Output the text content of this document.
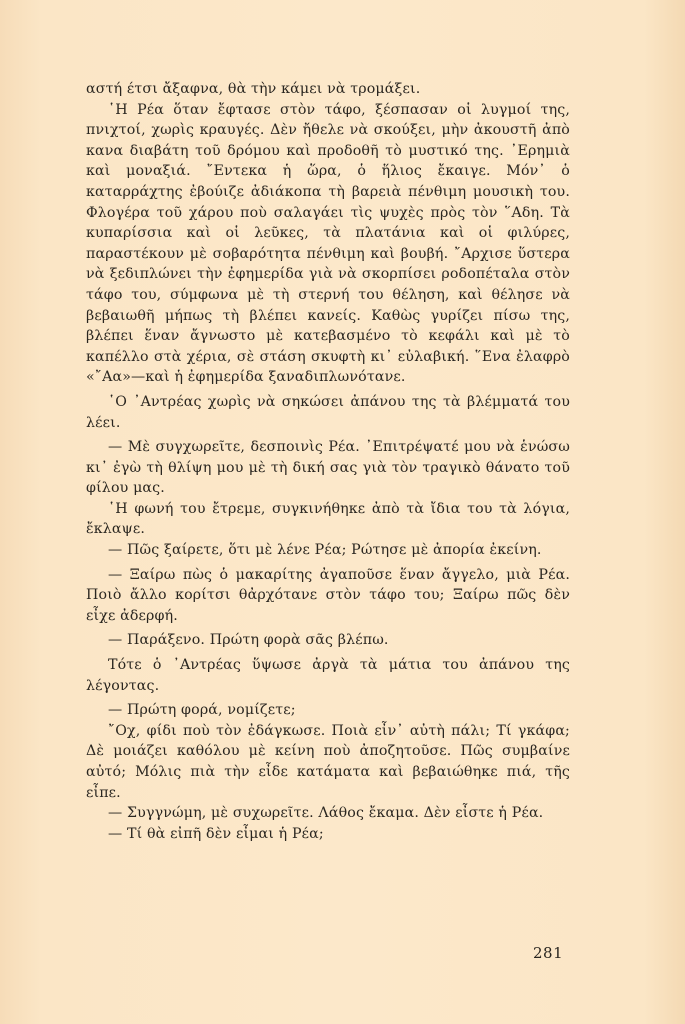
αστή έτσι ἄξαφνα, θὰ τὴν κάμει νὰ τρομάξει.

῾Η Ρέα ὅταν ἔφτασε στὸν τάφο, ξέσπασαν οἱ λυγμοί της, πνιχτοί, χωρὶς κραυγές. Δὲν ἤθελε νὰ σκούξει, μὴν ἀκουστῆ ἀπὸ κανα διαβάτη τοῦ δρόμου καὶ προδοθῆ τὸ μυστικό της. ᾿Ερημιὰ καὶ μοναξιά. ῎Εντεκα ἡ ὥρα, ὁ ἥλιος ἔκαιγε. Μόν᾿ ὁ καταρράχτης ἐβούιζε ἀδιάκοπα τὴ βαρειὰ πένθιμη μουσικὴ του. Φλογέρα τοῦ χάρου ποὺ σαλαγάει τὶς ψυχὲς πρὸς τὸν ῞Αδη. Τὰ κυπαρίσσια καὶ οἱ λεῦκες, τὰ πλατάνια καὶ οἱ φιλύρες, παραστέκουν μὲ σοβαρότητα πένθιμη καὶ βουβή. ῎Αρχισε ὕστερα νὰ ξεδιπλώνει τὴν ἐφημερίδα γιὰ νὰ σκορπίσει ροδοπέταλα στὸν τάφο του, σύμφωνα μὲ τὴ στερνή του θέληση, καὶ θέλησε νὰ βεβαιωθῆ μήπως τὴ βλέπει κανείς. Καθὼς γυρίζει πίσω της, βλέπει ἕναν ἄγνωστο μὲ κατεβασμένο τὸ κεφάλι καὶ μὲ τὸ καπέλλο στὰ χέρια, σὲ στάση σκυφτὴ κι᾿ εὐλαβική. ῞Ενα ἐλαφρὸ «῎Αα»—καὶ ἡ ἐφημερίδα ξαναδιπλωνότανε.

῾Ο ᾿Αντρέας χωρὶς νὰ σηκώσει ἀπάνου της τὰ βλέμματά του λέει.

— Μὲ συγχωρεῖτε, δεσποινὶς Ρέα. ᾿Επιτρέψατέ μου νὰ ἑνώσω κι᾿ ἐγὼ τὴ θλίψη μου μὲ τὴ δική σας γιὰ τὸν τραγικὸ θάνατο τοῦ φίλου μας.

῾Η φωνή του ἔτρεμε, συγκινήθηκε ἀπὸ τὰ ἴδια του τὰ λόγια, ἔκλαψε.

— Πῶς ξαίρετε, ὅτι μὲ λένε Ρέα; Ρώτησε μὲ ἀπορία ἐκείνη.

— Ξαίρω πὼς ὁ μακαρίτης ἀγαποῦσε ἕναν ἄγγελο, μιὰ Ρέα. Ποιὸ ἄλλο κορίτσι θἀρχότανε στὸν τάφο του; Ξαίρω πῶς δὲν εἶχε ἀδερφή.

— Παράξενο. Πρώτη φορὰ σᾶς βλέπω.

Τότε ὁ ᾿Αντρέας ὕψωσε ἀργὰ τὰ μάτια του ἀπάνου της λέγοντας.

— Πρώτη φορά, νομίζετε;

῎Οχ, φίδι ποὺ τὸν ἐδάγκωσε. Ποιὰ εἶν᾿ αὐτὴ πάλι; Τί γκάφα; Δὲ μοιάζει καθόλου μὲ κείνη ποὺ ἀποζητοῦσε. Πῶς συμβαίνε αὐτό; Μόλις πιὰ τὴν εἶδε κατάματα καὶ βεβαιώθηκε πιά, τῆς εἶπε.

— Συγγνώμη, μὲ συχωρεῖτε. Λάθος ἔκαμα. Δὲν εἶστε ἡ Ρέα.

— Τί θὰ εἰπῆ δὲν εἶμαι ἡ Ρέα;

281
